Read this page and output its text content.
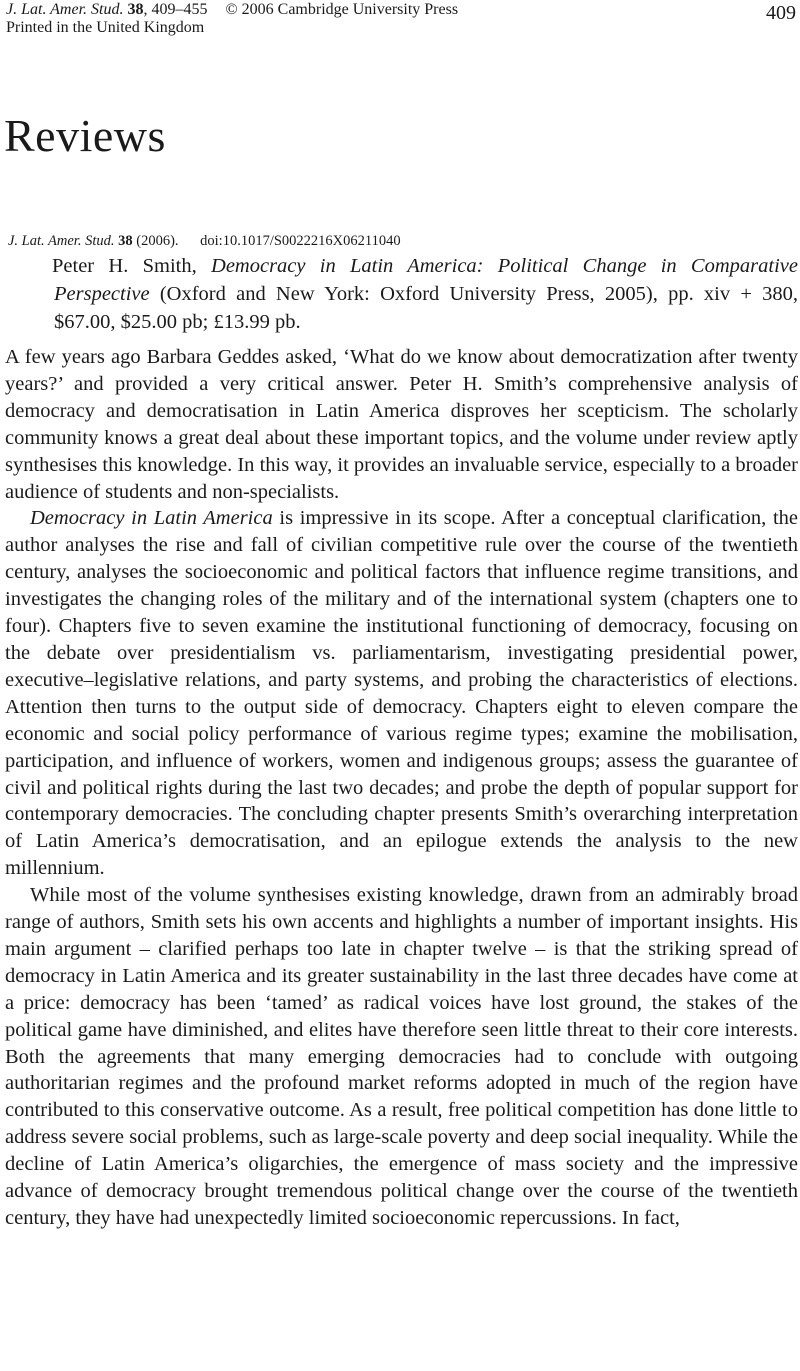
J. Lat. Amer. Stud. 38, 409–455 © 2006 Cambridge University Press	409
Printed in the United Kingdom
Reviews
J. Lat. Amer. Stud. 38 (2006). doi:10.1017/S0022216X06211040
Peter H. Smith, Democracy in Latin America: Political Change in Comparative Perspective (Oxford and New York: Oxford University Press, 2005), pp. xiv + 380, $67.00, $25.00 pb; £13.99 pb.

A few years ago Barbara Geddes asked, ‘What do we know about democratization after twenty years?’ and provided a very critical answer. Peter H. Smith’s comprehensive analysis of democracy and democratisation in Latin America disproves her scepticism. The scholarly community knows a great deal about these important topics, and the volume under review aptly synthesises this knowledge. In this way, it provides an invaluable service, especially to a broader audience of students and non-specialists.

Democracy in Latin America is impressive in its scope. After a conceptual clarification, the author analyses the rise and fall of civilian competitive rule over the course of the twentieth century, analyses the socioeconomic and political factors that influence regime transitions, and investigates the changing roles of the military and of the international system (chapters one to four). Chapters five to seven examine the institutional functioning of democracy, focusing on the debate over presidentialism vs. parliamentarism, investigating presidential power, executive–legislative relations, and party systems, and probing the characteristics of elections. Attention then turns to the output side of democracy. Chapters eight to eleven compare the economic and social policy performance of various regime types; examine the mobilisation, participation, and influence of workers, women and indigenous groups; assess the guarantee of civil and political rights during the last two decades; and probe the depth of popular support for contemporary democracies. The concluding chapter presents Smith’s overarching interpretation of Latin America’s democratisation, and an epilogue extends the analysis to the new millennium.

While most of the volume synthesises existing knowledge, drawn from an admirably broad range of authors, Smith sets his own accents and highlights a number of important insights. His main argument – clarified perhaps too late in chapter twelve – is that the striking spread of democracy in Latin America and its greater sustainability in the last three decades have come at a price: democracy has been ‘tamed’ as radical voices have lost ground, the stakes of the political game have diminished, and elites have therefore seen little threat to their core interests. Both the agreements that many emerging democracies had to conclude with outgoing authoritarian regimes and the profound market reforms adopted in much of the region have contributed to this conservative outcome. As a result, free political competition has done little to address severe social problems, such as large-scale poverty and deep social inequality. While the decline of Latin America’s oligarchies, the emergence of mass society and the impressive advance of democracy brought tremendous political change over the course of the twentieth century, they have had unexpectedly limited socioeconomic repercussions. In fact,
